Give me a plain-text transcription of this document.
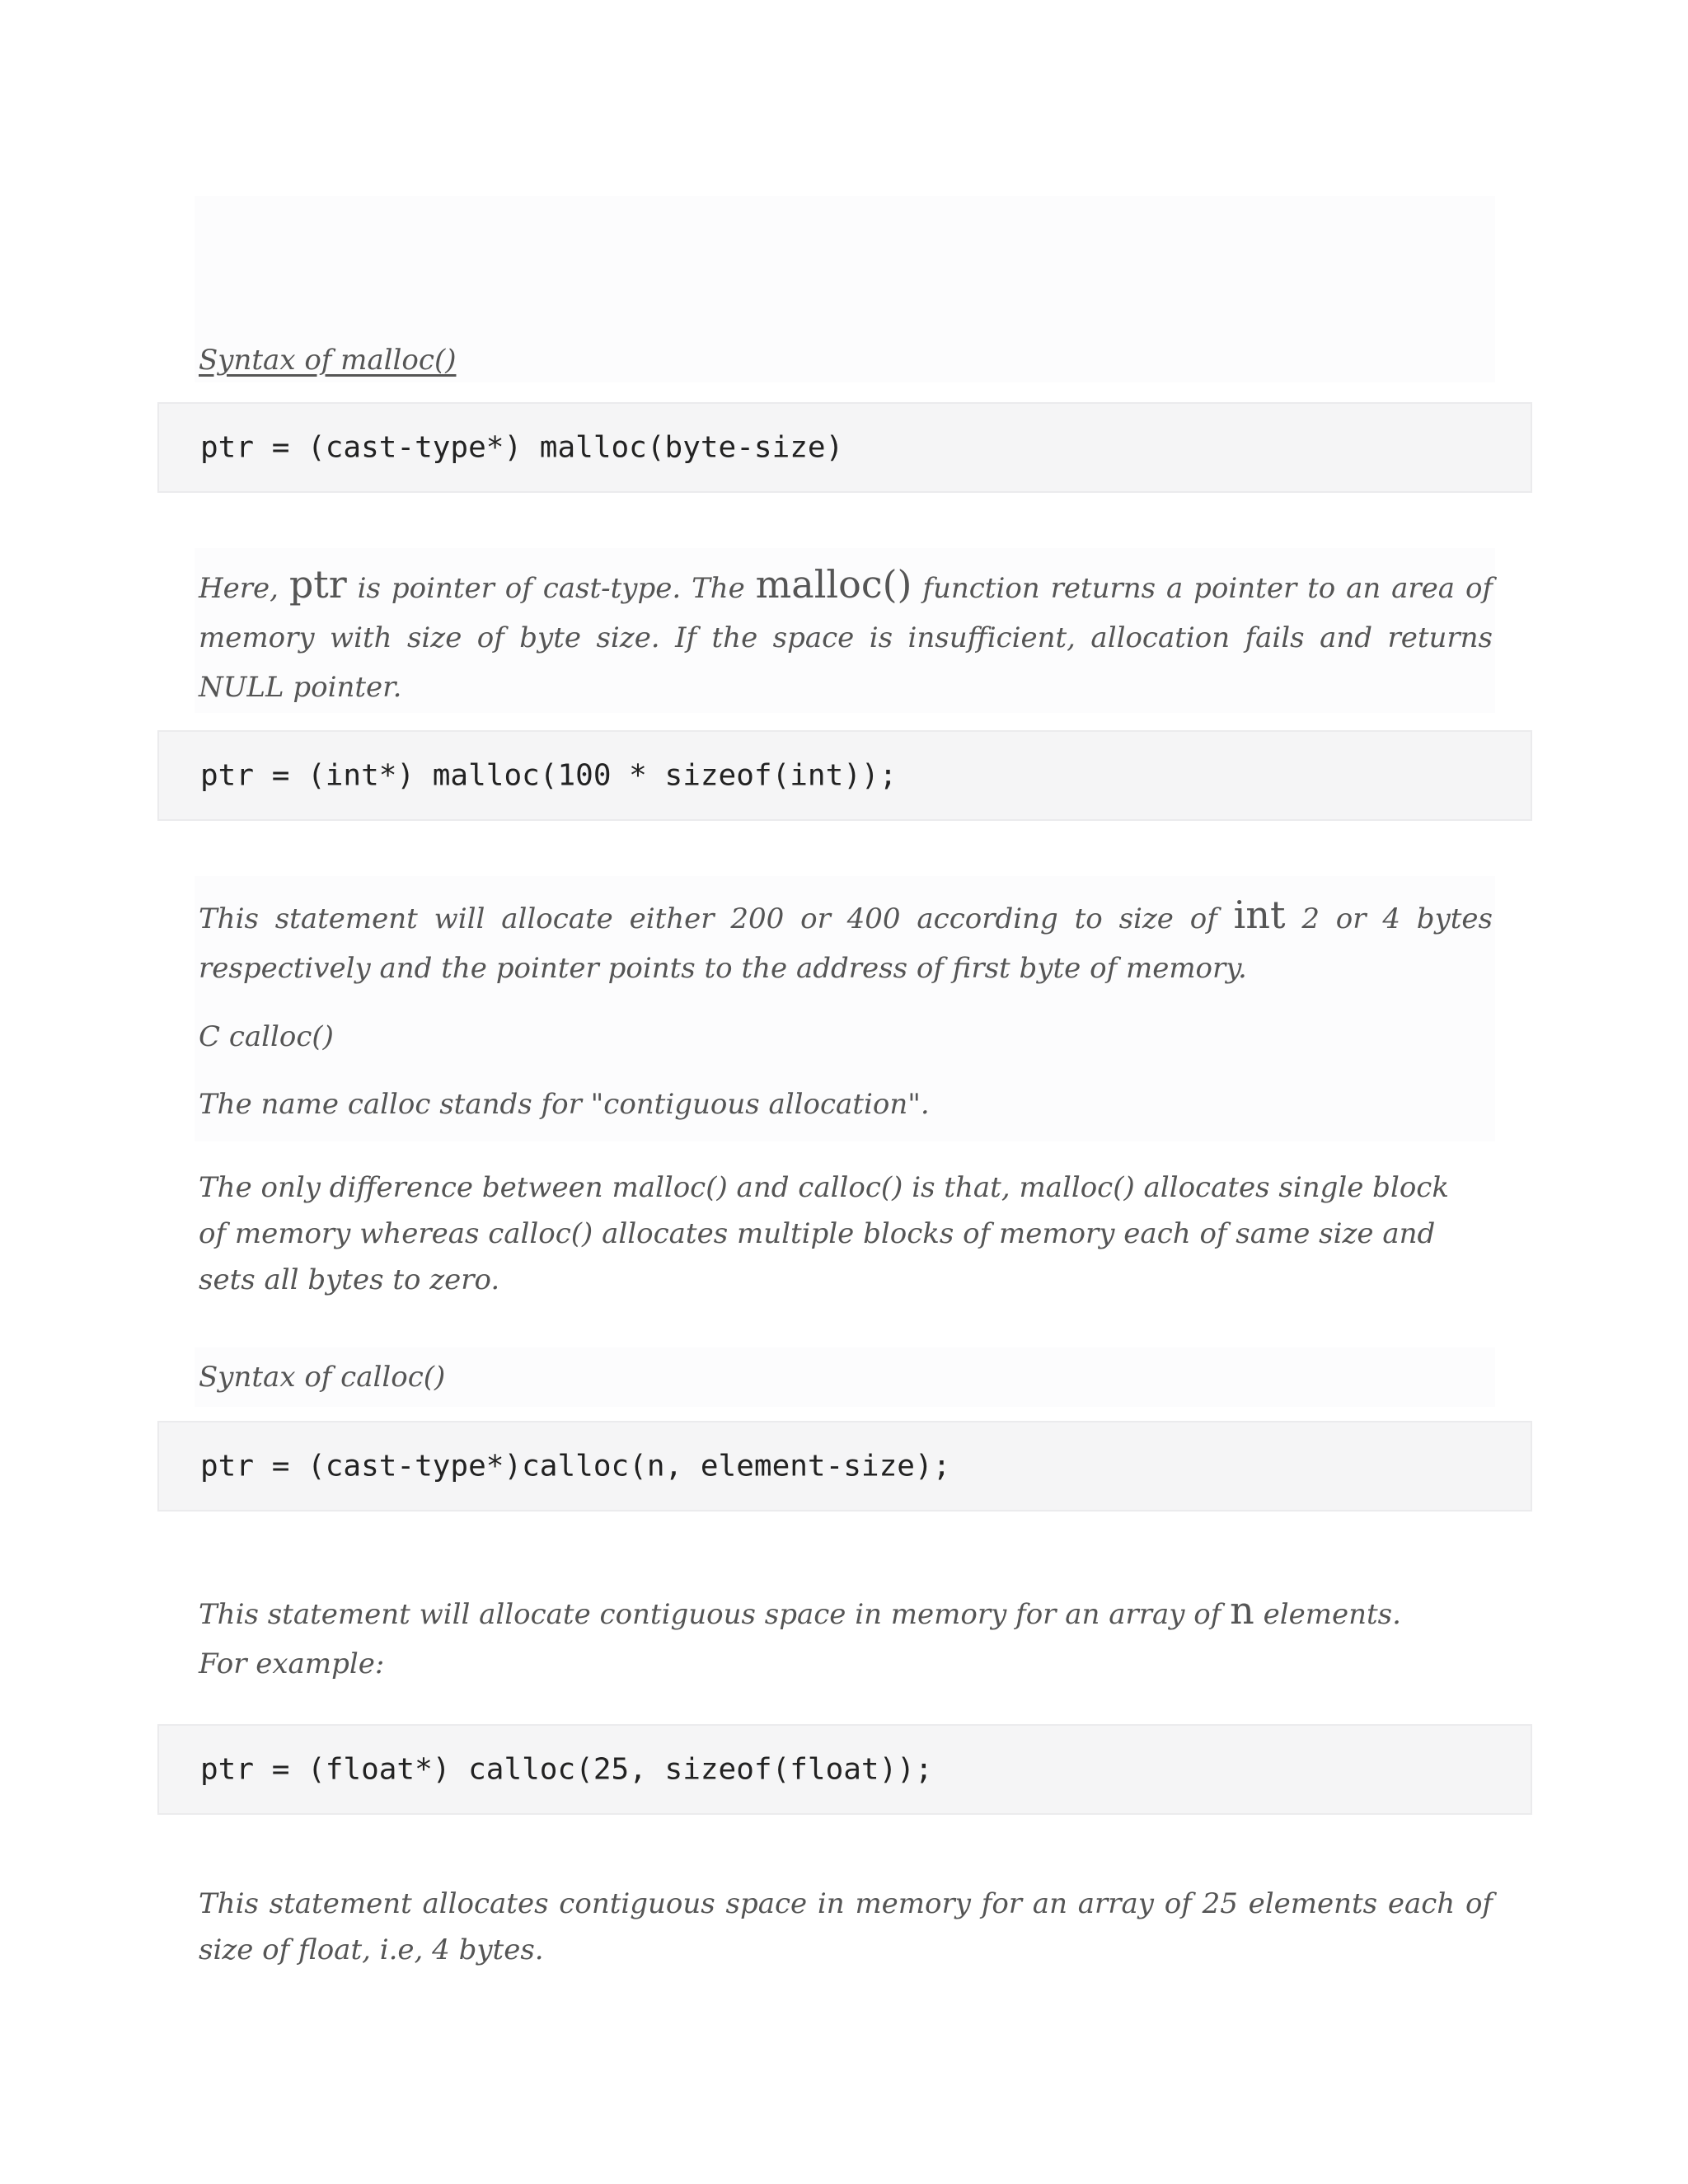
Syntax of malloc()

ptr = (cast-type*) malloc(byte-size)

Here, ptr is pointer of cast-type. The malloc() function returns a pointer to an area of memory with size of byte size. If the space is insufficient, allocation fails and returns NULL pointer.

ptr = (int*) malloc(100 * sizeof(int));

This statement will allocate either 200 or 400 according to size of int 2 or 4 bytes respectively and the pointer points to the address of first byte of memory.

C calloc()

The name calloc stands for "contiguous allocation".

The only difference between malloc() and calloc() is that, malloc() allocates single block of memory whereas calloc() allocates multiple blocks of memory each of same size and sets all bytes to zero.

Syntax of calloc()

ptr = (cast-type*)calloc(n, element-size);

This statement will allocate contiguous space in memory for an array of n elements. For example:

ptr = (float*) calloc(25, sizeof(float));

This statement allocates contiguous space in memory for an array of 25 elements each of size of float, i.e, 4 bytes.
